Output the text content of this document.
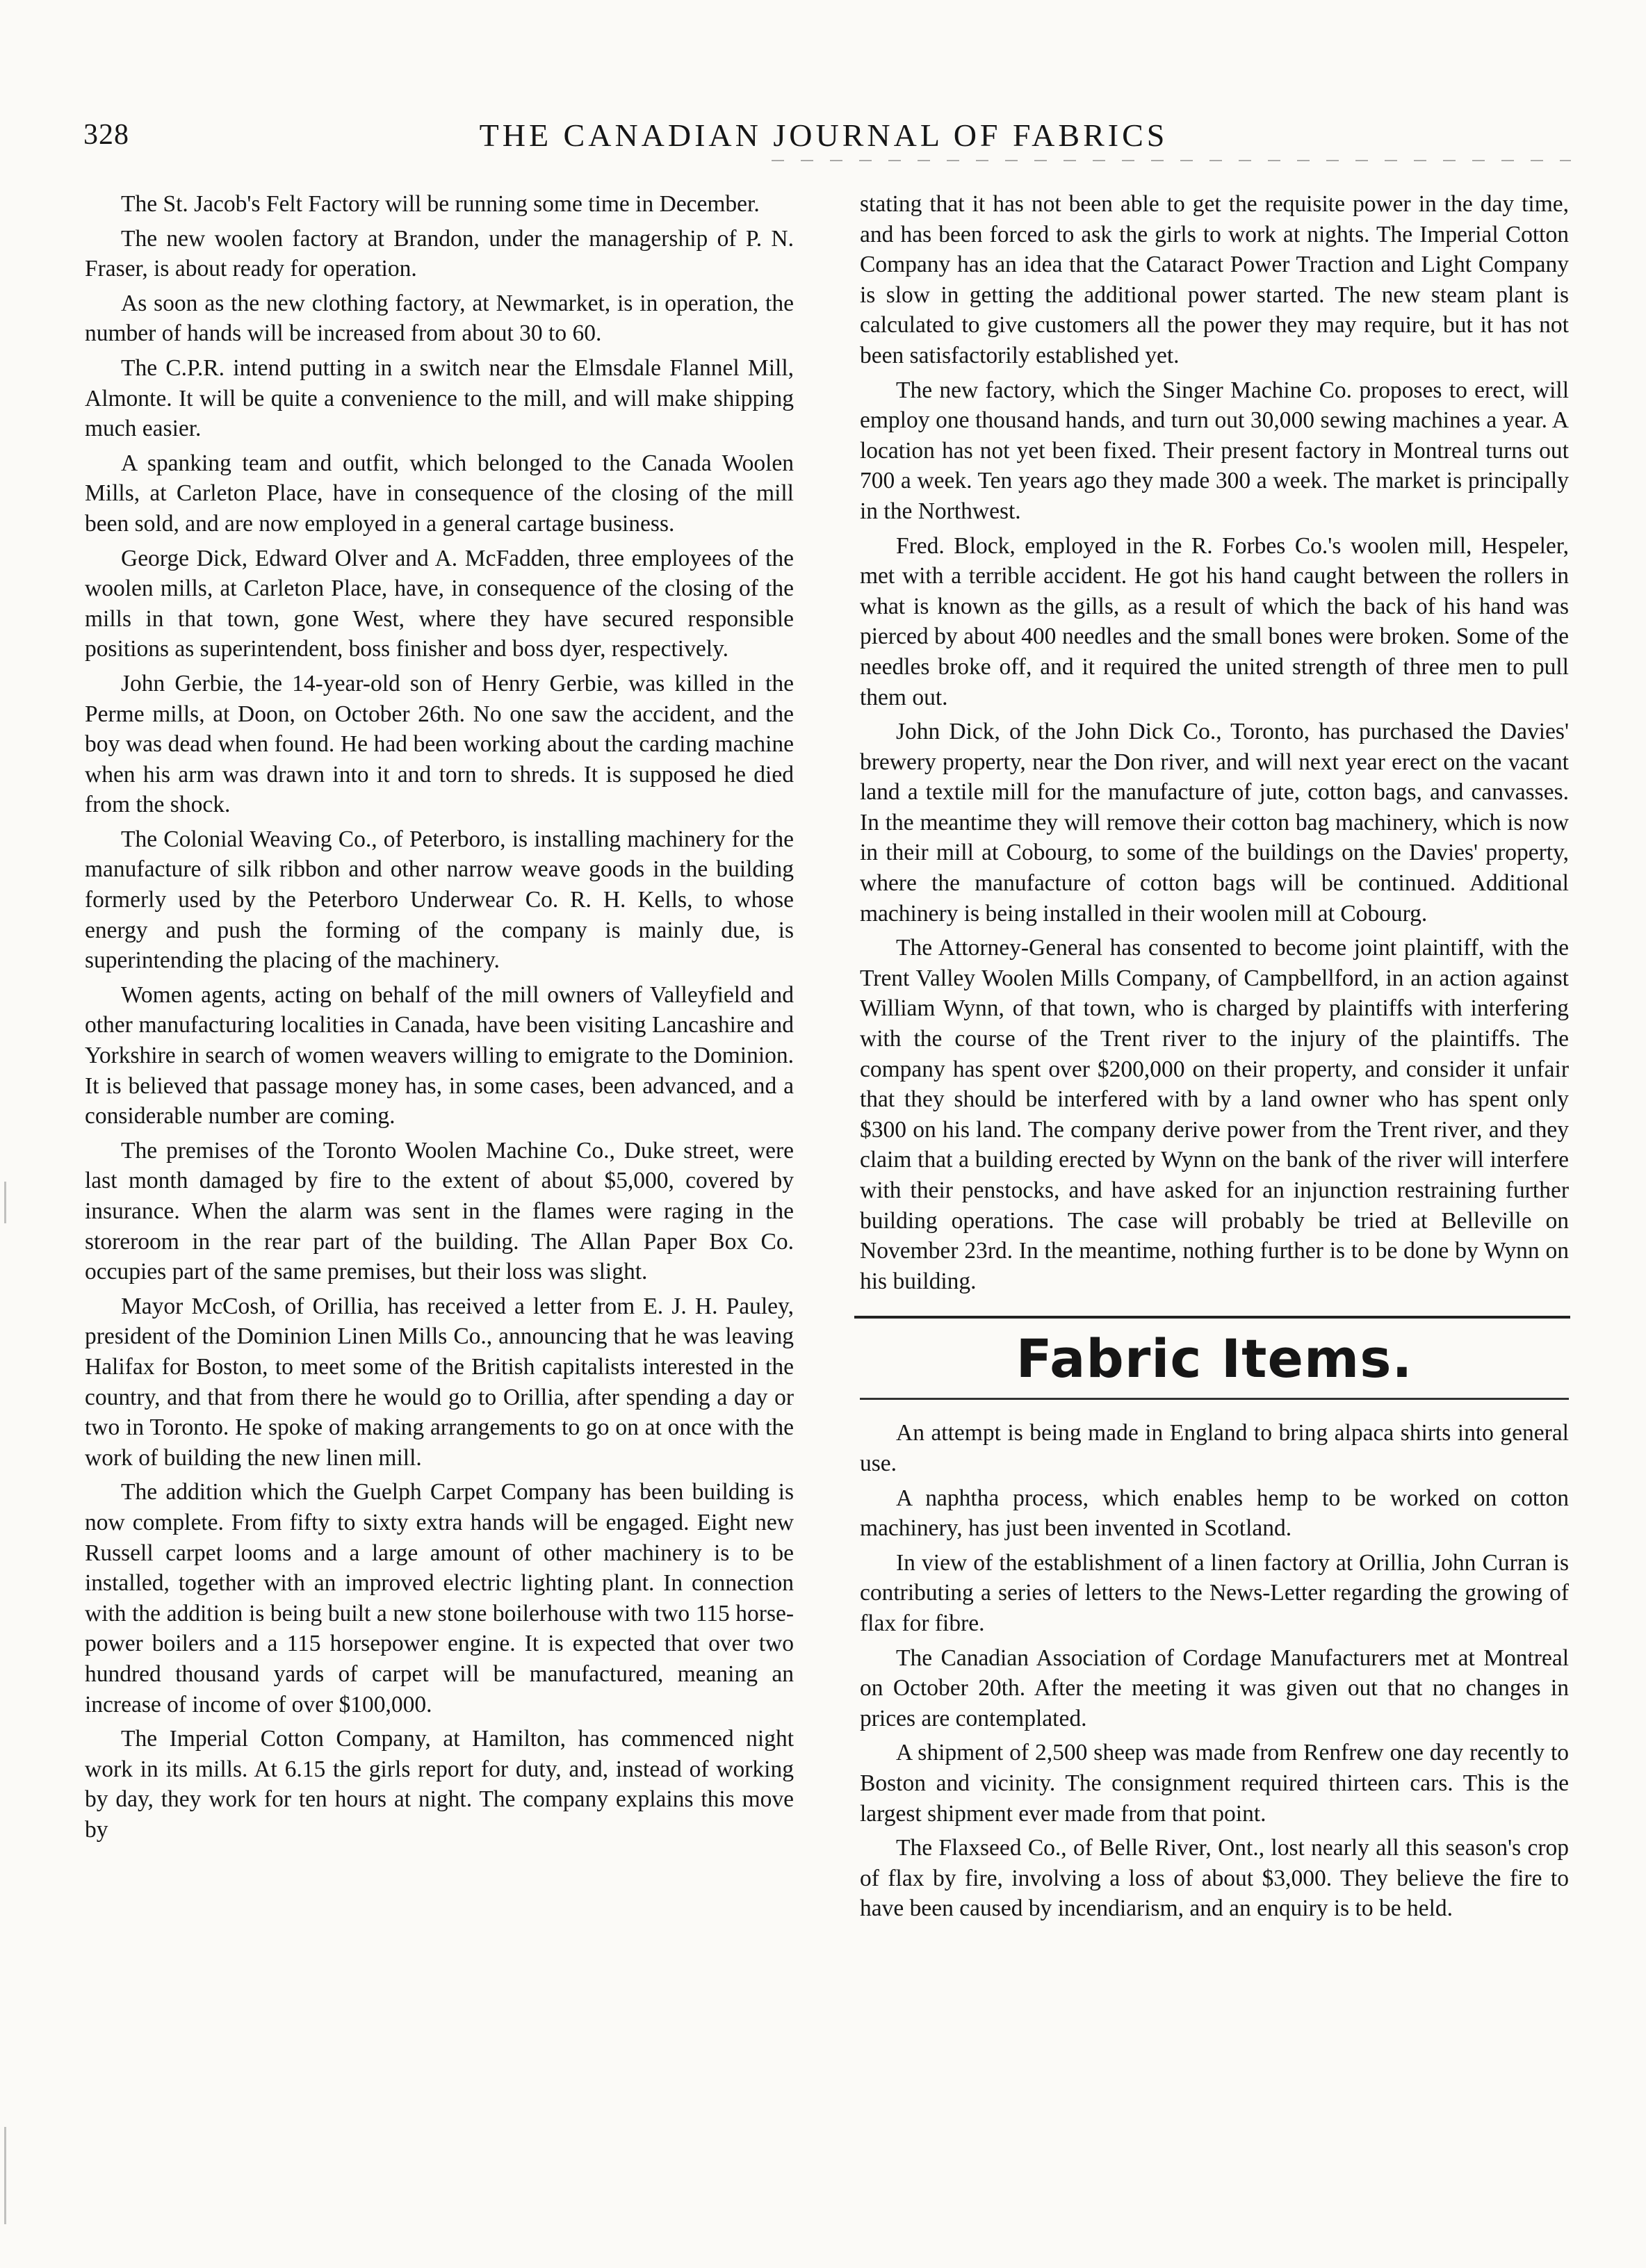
328	THE CANADIAN JOURNAL OF FABRICS

The St. Jacob's Felt Factory will be running some time in December.

The new woolen factory at Brandon, under the managership of P. N. Fraser, is about ready for operation.

As soon as the new clothing factory, at Newmarket, is in operation, the number of hands will be increased from about 30 to 60.

The C.P.R. intend putting in a switch near the Elmsdale Flannel Mill, Almonte. It will be quite a convenience to the mill, and will make shipping much easier.

A spanking team and outfit, which belonged to the Canada Woolen Mills, at Carleton Place, have in consequence of the closing of the mill been sold, and are now employed in a general cartage business.

George Dick, Edward Olver and A. McFadden, three employees of the woolen mills, at Carleton Place, have, in consequence of the closing of the mills in that town, gone West, where they have secured responsible positions as superintendent, boss finisher and boss dyer, respectively.

John Gerbie, the 14-year-old son of Henry Gerbie, was killed in the Perme mills, at Doon, on October 26th. No one saw the accident, and the boy was dead when found. He had been working about the carding machine when his arm was drawn into it and torn to shreds. It is supposed he died from the shock.

The Colonial Weaving Co., of Peterboro, is installing machinery for the manufacture of silk ribbon and other narrow weave goods in the building formerly used by the Peterboro Underwear Co. R. H. Kells, to whose energy and push the forming of the company is mainly due, is superintending the placing of the machinery.

Women agents, acting on behalf of the mill owners of Valleyfield and other manufacturing localities in Canada, have been visiting Lancashire and Yorkshire in search of women weavers willing to emigrate to the Dominion. It is believed that passage money has, in some cases, been advanced, and a considerable number are coming.

The premises of the Toronto Woolen Machine Co., Duke street, were last month damaged by fire to the extent of about $5,000, covered by insurance. When the alarm was sent in the flames were raging in the storeroom in the rear part of the building. The Allan Paper Box Co. occupies part of the same premises, but their loss was slight.

Mayor McCosh, of Orillia, has received a letter from E. J. H. Pauley, president of the Dominion Linen Mills Co., announcing that he was leaving Halifax for Boston, to meet some of the British capitalists interested in the country, and that from there he would go to Orillia, after spending a day or two in Toronto. He spoke of making arrangements to go on at once with the work of building the new linen mill.

The addition which the Guelph Carpet Company has been building is now complete. From fifty to sixty extra hands will be engaged. Eight new Russell carpet looms and a large amount of other machinery is to be installed, together with an improved electric lighting plant. In connection with the addition is being built a new stone boilerhouse with two 115 horse-power boilers and a 115 horsepower engine. It is expected that over two hundred thousand yards of carpet will be manufactured, meaning an increase of income of over $100,000.

The Imperial Cotton Company, at Hamilton, has commenced night work in its mills. At 6.15 the girls report for duty, and, instead of working by day, they work for ten hours at night. The company explains this move by

stating that it has not been able to get the requisite power in the day time, and has been forced to ask the girls to work at nights. The Imperial Cotton Company has an idea that the Cataract Power Traction and Light Company is slow in getting the additional power started. The new steam plant is calculated to give customers all the power they may require, but it has not been satisfactorily established yet.

The new factory, which the Singer Machine Co. proposes to erect, will employ one thousand hands, and turn out 30,000 sewing machines a year. A location has not yet been fixed. Their present factory in Montreal turns out 700 a week. Ten years ago they made 300 a week. The market is principally in the Northwest.

Fred. Block, employed in the R. Forbes Co.'s woolen mill, Hespeler, met with a terrible accident. He got his hand caught between the rollers in what is known as the gills, as a result of which the back of his hand was pierced by about 400 needles and the small bones were broken. Some of the needles broke off, and it required the united strength of three men to pull them out.

John Dick, of the John Dick Co., Toronto, has purchased the Davies' brewery property, near the Don river, and will next year erect on the vacant land a textile mill for the manufacture of jute, cotton bags, and canvasses. In the meantime they will remove their cotton bag machinery, which is now in their mill at Cobourg, to some of the buildings on the Davies' property, where the manufacture of cotton bags will be continued. Additional machinery is being installed in their woolen mill at Cobourg.

The Attorney-General has consented to become joint plaintiff, with the Trent Valley Woolen Mills Company, of Campbellford, in an action against William Wynn, of that town, who is charged by plaintiffs with interfering with the course of the Trent river to the injury of the plaintiffs. The company has spent over $200,000 on their property, and consider it unfair that they should be interfered with by a land owner who has spent only $300 on his land. The company derive power from the Trent river, and they claim that a building erected by Wynn on the bank of the river will interfere with their penstocks, and have asked for an injunction restraining further building operations. The case will probably be tried at Belleville on November 23rd. In the meantime, nothing further is to be done by Wynn on his building.

Fabric Items.

An attempt is being made in England to bring alpaca shirts into general use.

A naphtha process, which enables hemp to be worked on cotton machinery, has just been invented in Scotland.

In view of the establishment of a linen factory at Orillia, John Curran is contributing a series of letters to the News-Letter regarding the growing of flax for fibre.

The Canadian Association of Cordage Manufacturers met at Montreal on October 20th. After the meeting it was given out that no changes in prices are contemplated.

A shipment of 2,500 sheep was made from Renfrew one day recently to Boston and vicinity. The consignment required thirteen cars. This is the largest shipment ever made from that point.

The Flaxseed Co., of Belle River, Ont., lost nearly all this season's crop of flax by fire, involving a loss of about $3,000. They believe the fire to have been caused by incendiarism, and an enquiry is to be held.
